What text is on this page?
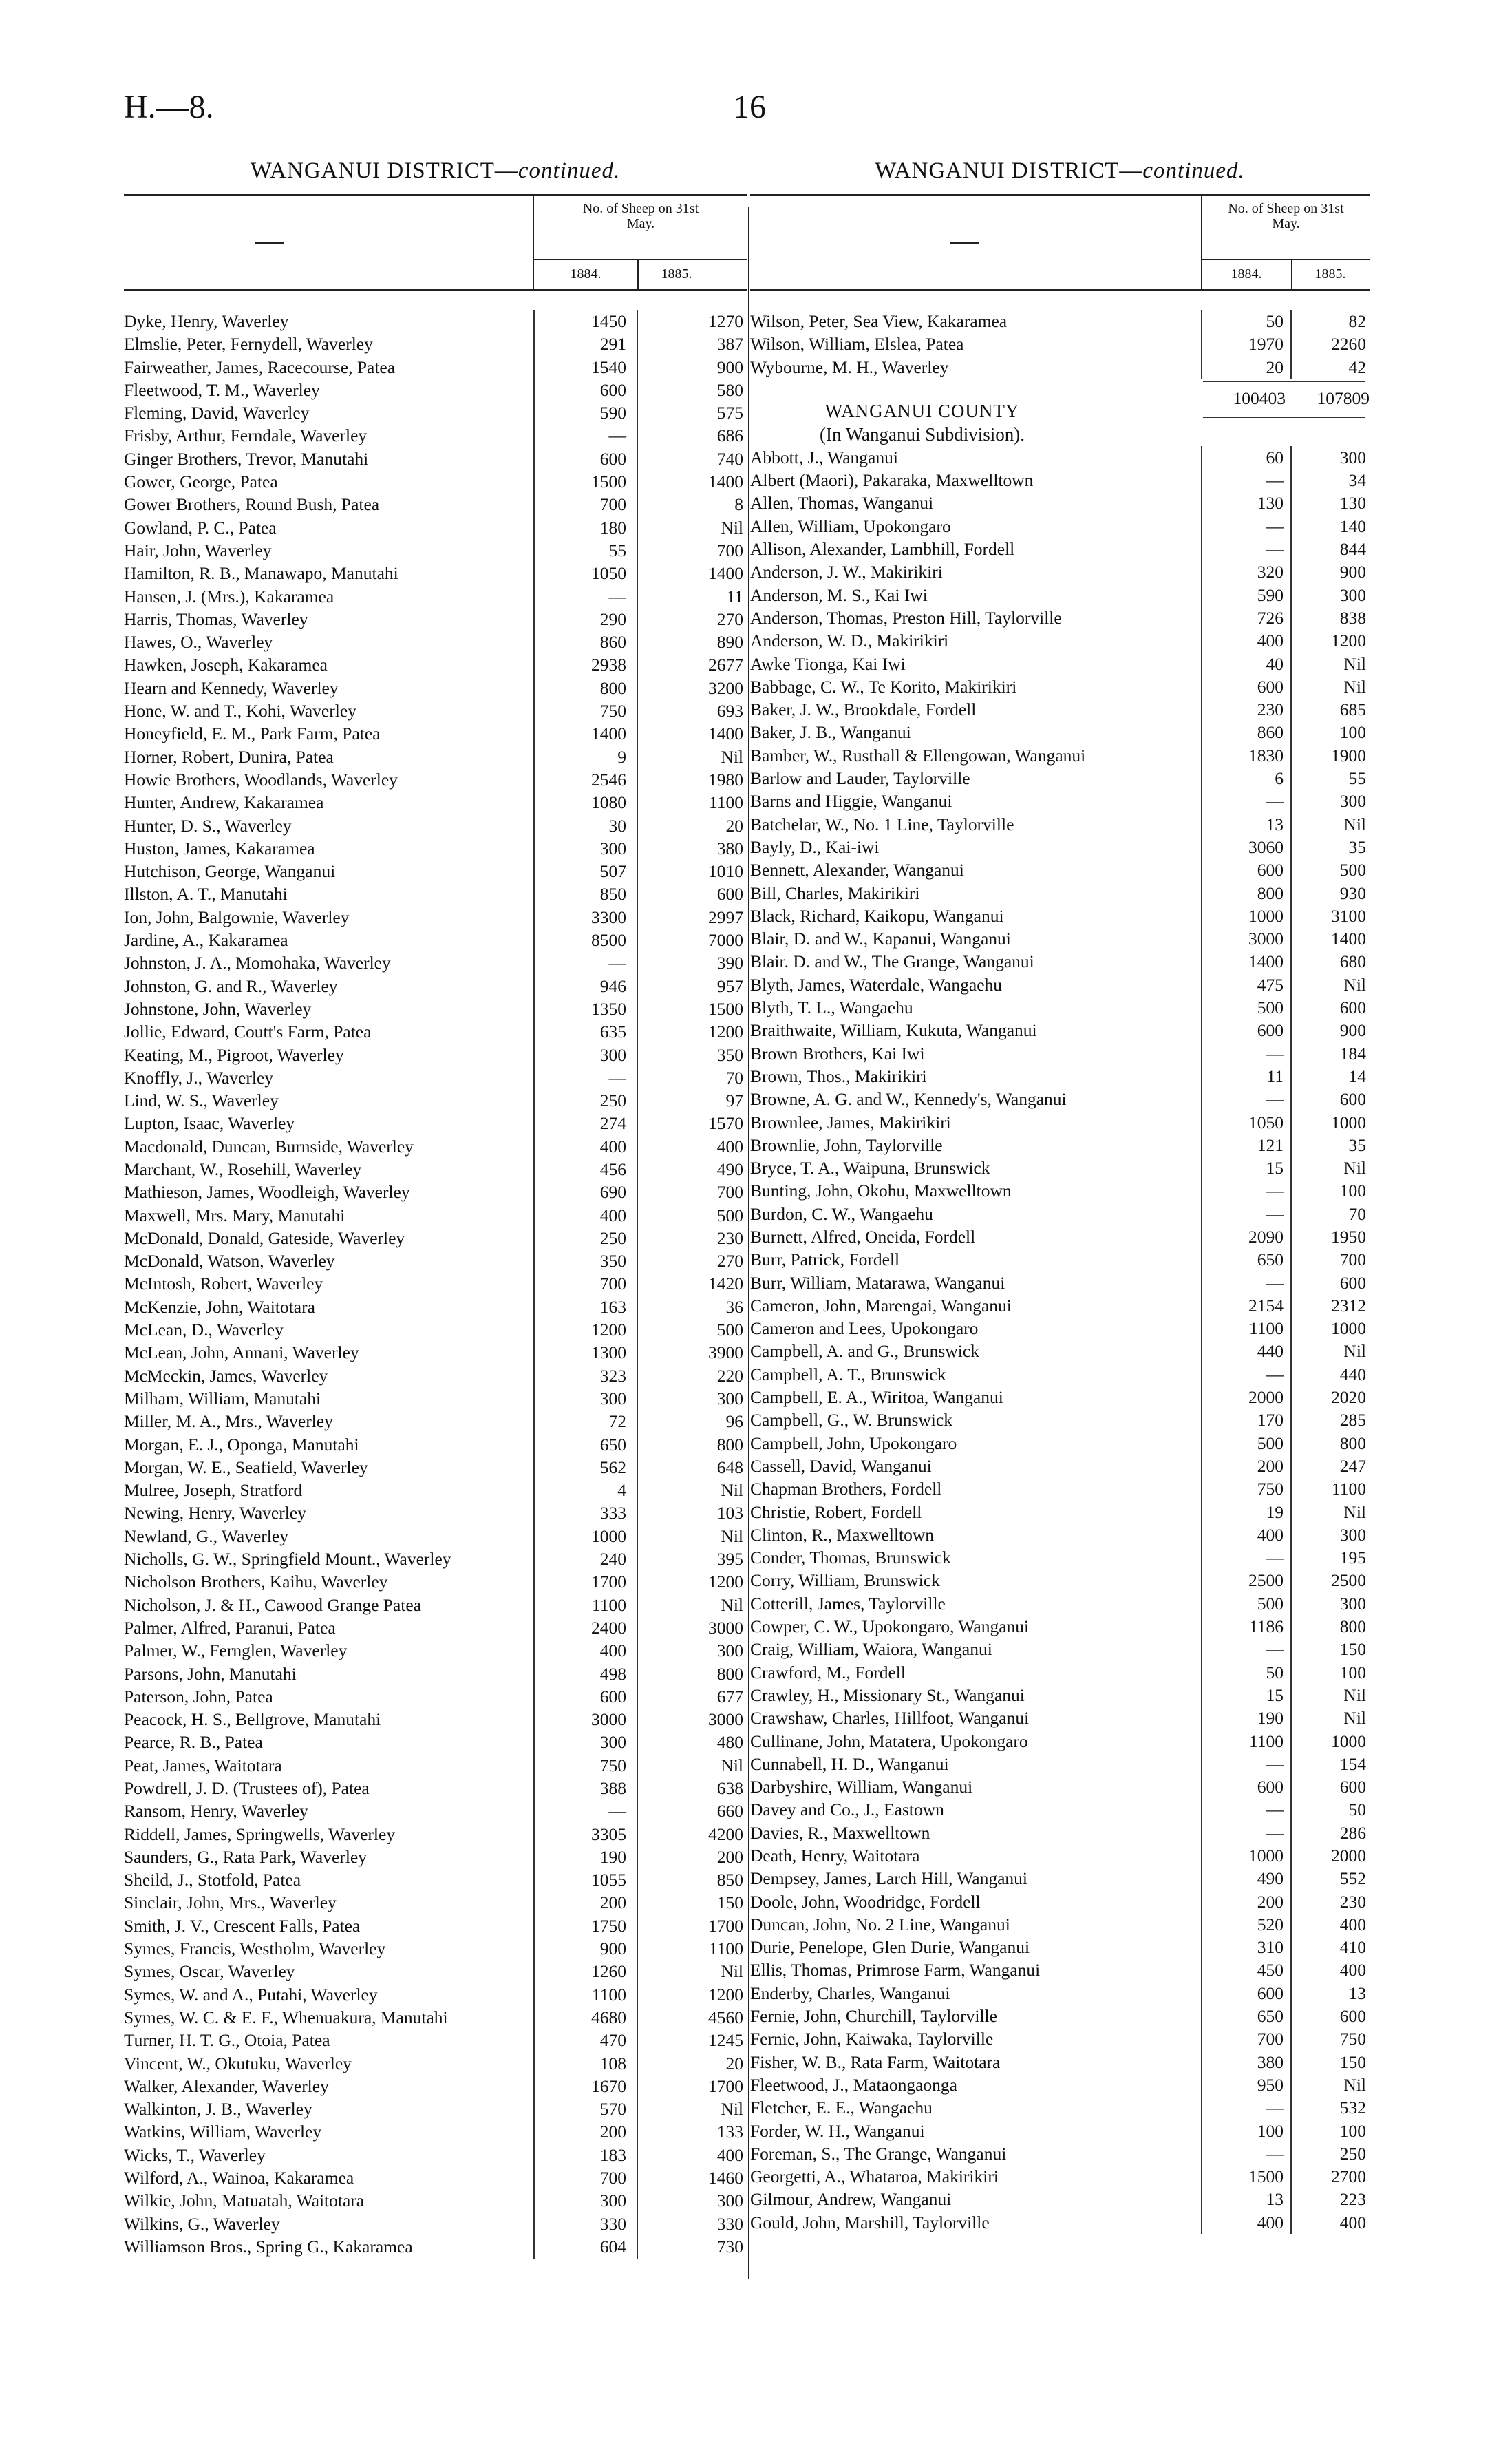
H.—8.	16
WANGANUI DISTRICT—continued.
No. of Sheep on 31st May.
1884.	1885.
Dyke, Henry, Waverley	1450	1270
Elmslie, Peter, Fernydell, Waverley	291	387
Fairweather, James, Racecourse, Patea	1540	900
Fleetwood, T. M., Waverley	600	580
Fleming, David, Waverley	590	575
Frisby, Arthur, Ferndale, Waverley	—	686
Ginger Brothers, Trevor, Manutahi	600	740
Gower, George, Patea	1500	1400
Gower Brothers, Round Bush, Patea	700	8
Gowland, P. C., Patea	180	Nil
Hair, John, Waverley	55	700
Hamilton, R. B., Manawapo, Manutahi	1050	1400
Hansen, J. (Mrs.), Kakaramea	—	11
Harris, Thomas, Waverley	290	270
Hawes, O., Waverley	860	890
Hawken, Joseph, Kakaramea	2938	2677
Hearn and Kennedy, Waverley	800	3200
Hone, W. and T., Kohi, Waverley	750	693
Honeyfield, E. M., Park Farm, Patea	1400	1400
Horner, Robert, Dunira, Patea	9	Nil
Howie Brothers, Woodlands, Waverley	2546	1980
Hunter, Andrew, Kakaramea	1080	1100
Hunter, D. S., Waverley	30	20
Huston, James, Kakaramea	300	380
Hutchison, George, Wanganui	507	1010
Illston, A. T., Manutahi	850	600
Ion, John, Balgownie, Waverley	3300	2997
Jardine, A., Kakaramea	8500	7000
Johnston, J. A., Momohaka, Waverley	—	390
Johnston, G. and R., Waverley	946	957
Johnstone, John, Waverley	1350	1500
Jollie, Edward, Coutt's Farm, Patea	635	1200
Keating, M., Pigroot, Waverley	300	350
Knoffly, J., Waverley	—	70
Lind, W. S., Waverley	250	97
Lupton, Isaac, Waverley	274	1570
Macdonald, Duncan, Burnside, Waverley	400	400
Marchant, W., Rosehill, Waverley	456	490
Mathieson, James, Woodleigh, Waverley	690	700
Maxwell, Mrs. Mary, Manutahi	400	500
McDonald, Donald, Gateside, Waverley	250	230
McDonald, Watson, Waverley	350	270
McIntosh, Robert, Waverley	700	1420
McKenzie, John, Waitotara	163	36
McLean, D., Waverley	1200	500
McLean, John, Annani, Waverley	1300	3900
McMeckin, James, Waverley	323	220
Milham, William, Manutahi	300	300
Miller, M. A., Mrs., Waverley	72	96
Morgan, E. J., Oponga, Manutahi	650	800
Morgan, W. E., Seafield, Waverley	562	648
Mulree, Joseph, Stratford	4	Nil
Newing, Henry, Waverley	333	103
Newland, G., Waverley	1000	Nil
Nicholls, G. W., Springfield Mount., Waverley	240	395
Nicholson Brothers, Kaihu, Waverley	1700	1200
Nicholson, J. & H., Cawood Grange Patea	1100	Nil
Palmer, Alfred, Paranui, Patea	2400	3000
Palmer, W., Fernglen, Waverley	400	300
Parsons, John, Manutahi	498	800
Paterson, John, Patea	600	677
Peacock, H. S., Bellgrove, Manutahi	3000	3000
Pearce, R. B., Patea	300	480
Peat, James, Waitotara	750	Nil
Powdrell, J. D. (Trustees of), Patea	388	638
Ransom, Henry, Waverley	—	660
Riddell, James, Springwells, Waverley	3305	4200
Saunders, G., Rata Park, Waverley	190	200
Sheild, J., Stotfold, Patea	1055	850
Sinclair, John, Mrs., Waverley	200	150
Smith, J. V., Crescent Falls, Patea	1750	1700
Symes, Francis, Westholm, Waverley	900	1100
Symes, Oscar, Waverley	1260	Nil
Symes, W. and A., Putahi, Waverley	1100	1200
Symes, W. C. & E. F., Whenuakura, Manutahi	4680	4560
Turner, H. T. G., Otoia, Patea	470	1245
Vincent, W., Okutuku, Waverley	108	20
Walker, Alexander, Waverley	1670	1700
Walkinton, J. B., Waverley	570	Nil
Watkins, William, Waverley	200	133
Wicks, T., Waverley	183	400
Wilford, A., Wainoa, Kakaramea	700	1460
Wilkie, John, Matuatah, Waitotara	300	300
Wilkins, G., Waverley	330	330
Williamson Bros., Spring G., Kakaramea	604	730
WANGANUI DISTRICT—continued.
No. of Sheep on 31st May.
1884.	1885.
Wilson, Peter, Sea View, Kakaramea	50	82
Wilson, William, Elslea, Patea	1970	2260
Wybourne, M. H., Waverley	20	42
100403	107809
WANGANUI COUNTY
(In Wanganui Subdivision).
Abbott, J., Wanganui	60	300
Albert (Maori), Pakaraka, Maxwelltown	—	34
Allen, Thomas, Wanganui	130	130
Allen, William, Upokongaro	—	140
Allison, Alexander, Lambhill, Fordell	—	844
Anderson, J. W., Makirikiri	320	900
Anderson, M. S., Kai Iwi	590	300
Anderson, Thomas, Preston Hill, Taylorville	726	838
Anderson, W. D., Makirikiri	400	1200
Awke Tionga, Kai Iwi	40	Nil
Babbage, C. W., Te Korito, Makirikiri	600	Nil
Baker, J. W., Brookdale, Fordell	230	685
Baker, J. B., Wanganui	860	100
Bamber, W., Rusthall & Ellengowan, Wanganui	1830	1900
Barlow and Lauder, Taylorville	6	55
Barns and Higgie, Wanganui	—	300
Batchelar, W., No. 1 Line, Taylorville	13	Nil
Bayly, D., Kai-iwi	3060	35
Bennett, Alexander, Wanganui	600	500
Bill, Charles, Makirikiri	800	930
Black, Richard, Kaikopu, Wanganui	1000	3100
Blair, D. and W., Kapanui, Wanganui	3000	1400
Blair. D. and W., The Grange, Wanganui	1400	680
Blyth, James, Waterdale, Wangaehu	475	Nil
Blyth, T. L., Wangaehu	500	600
Braithwaite, William, Kukuta, Wanganui	600	900
Brown Brothers, Kai Iwi	—	184
Brown, Thos., Makirikiri	11	14
Browne, A. G. and W., Kennedy's, Wanganui	—	600
Brownlee, James, Makirikiri	1050	1000
Brownlie, John, Taylorville	121	35
Bryce, T. A., Waipuna, Brunswick	15	Nil
Bunting, John, Okohu, Maxwelltown	—	100
Burdon, C. W., Wangaehu	—	70
Burnett, Alfred, Oneida, Fordell	2090	1950
Burr, Patrick, Fordell	650	700
Burr, William, Matarawa, Wanganui	—	600
Cameron, John, Marengai, Wanganui	2154	2312
Cameron and Lees, Upokongaro	1100	1000
Campbell, A. and G., Brunswick	440	Nil
Campbell, A. T., Brunswick	—	440
Campbell, E. A., Wiritoa, Wanganui	2000	2020
Campbell, G., W. Brunswick	170	285
Campbell, John, Upokongaro	500	800
Cassell, David, Wanganui	200	247
Chapman Brothers, Fordell	750	1100
Christie, Robert, Fordell	19	Nil
Clinton, R., Maxwelltown	400	300
Conder, Thomas, Brunswick	—	195
Corry, William, Brunswick	2500	2500
Cotterill, James, Taylorville	500	300
Cowper, C. W., Upokongaro, Wanganui	1186	800
Craig, William, Waiora, Wanganui	—	150
Crawford, M., Fordell	50	100
Crawley, H., Missionary St., Wanganui	15	Nil
Crawshaw, Charles, Hillfoot, Wanganui	190	Nil
Cullinane, John, Matatera, Upokongaro	1100	1000
Cunnabell, H. D., Wanganui	—	154
Darbyshire, William, Wanganui	600	600
Davey and Co., J., Eastown	—	50
Davies, R., Maxwelltown	—	286
Death, Henry, Waitotara	1000	2000
Dempsey, James, Larch Hill, Wanganui	490	552
Doole, John, Woodridge, Fordell	200	230
Duncan, John, No. 2 Line, Wanganui	520	400
Durie, Penelope, Glen Durie, Wanganui	310	410
Ellis, Thomas, Primrose Farm, Wanganui	450	400
Enderby, Charles, Wanganui	600	13
Fernie, John, Churchill, Taylorville	650	600
Fernie, John, Kaiwaka, Taylorville	700	750
Fisher, W. B., Rata Farm, Waitotara	380	150
Fleetwood, J., Mataongaonga	950	Nil
Fletcher, E. E., Wangaehu	—	532
Forder, W. H., Wanganui	100	100
Foreman, S., The Grange, Wanganui	—	250
Georgetti, A., Whataroa, Makirikiri	1500	2700
Gilmour, Andrew, Wanganui	13	223
Gould, John, Marshill, Taylorville	400	400
